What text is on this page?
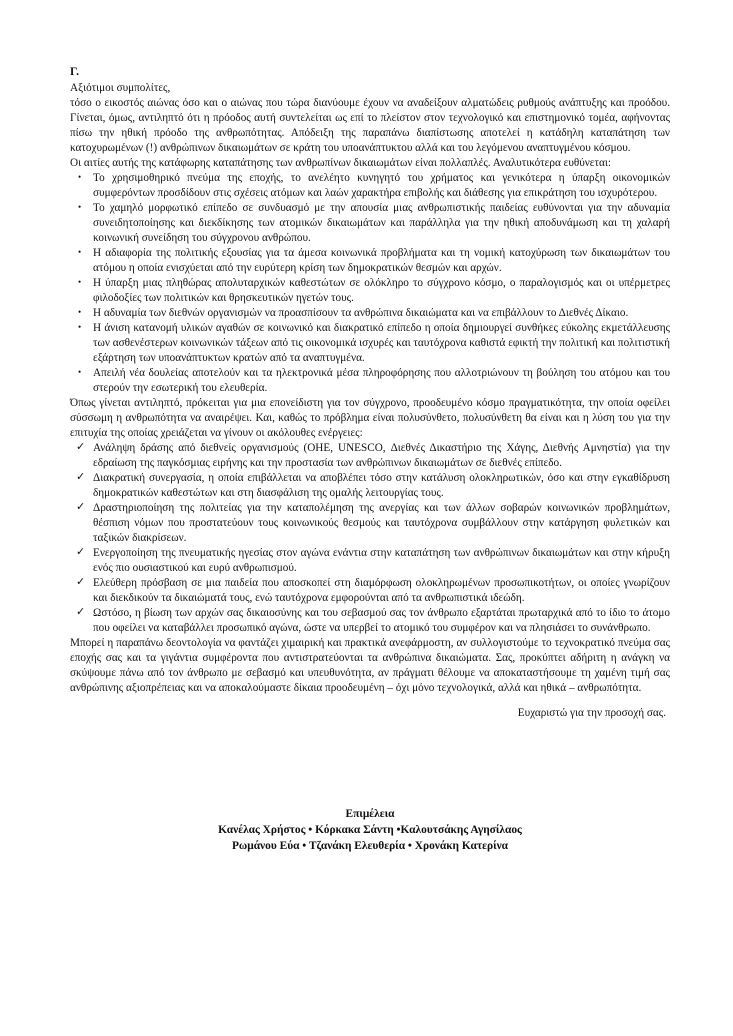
Γ.
Αξιότιμοι συμπολίτες,

τόσο ο εικοστός αιώνας όσο και ο αιώνας που τώρα διανύουμε έχουν να αναδείξουν αλματώδεις ρυθμούς ανάπτυξης και προόδου. Γίνεται, όμως, αντιληπτό ότι η πρόοδος αυτή συντελείται ως επί το πλείστον στον τεχνολογικό και επιστημονικό τομέα, αφήνοντας πίσω την ηθική πρόοδο της ανθρωπότητας. Απόδειξη της παραπάνω διαπίστωσης αποτελεί η κατάδηλη καταπάτηση των κατοχυρωμένων (!) ανθρώπινων δικαιωμάτων σε κράτη του υποανάπτυκτου αλλά και του λεγόμενου αναπτυγμένου κόσμου.

Οι αιτίες αυτής της κατάφωρης καταπάτησης των ανθρωπίνων δικαιωμάτων είναι πολλαπλές. Αναλυτικότερα ευθύνεται:

•	Το χρησιμοθηρικό πνεύμα της εποχής, το ανελέητο κυνηγητό του χρήματος και γενικότερα η ύπαρξη οικονομικών συμφερόντων προσδίδουν στις σχέσεις ατόμων και λαών χαρακτήρα επιβολής και διάθεσης για επικράτηση του ισχυρότερου.
•	Το χαμηλό μορφωτικό επίπεδο σε συνδυασμό με την απουσία μιας ανθρωπιστικής παιδείας ευθύνονται για την αδυναμία συνειδητοποίησης και διεκδίκησης των ατομικών δικαιωμάτων και παράλληλα για την ηθική αποδυνάμωση και τη χαλαρή κοινωνική συνείδηση του σύγχρονου ανθρώπου.
•	Η αδιαφορία της πολιτικής εξουσίας για τα άμεσα κοινωνικά προβλήματα και τη νομική κατοχύρωση των δικαιωμάτων του ατόμου η οποία ενισχύεται από την ευρύτερη κρίση των δημοκρατικών θεσμών και αρχών.
•	Η ύπαρξη μιας πληθώρας απολυταρχικών καθεστώτων σε ολόκληρο το σύγχρονο κόσμο, ο παραλογισμός και οι υπέρμετρες φιλοδοξίες των πολιτικών και θρησκευτικών ηγετών τους.
•	Η αδυναμία των διεθνών οργανισμών να προασπίσουν τα ανθρώπινα δικαιώματα και να επιβάλλουν το Διεθνές Δίκαιο.
•	Η άνιση κατανομή υλικών αγαθών σε κοινωνικό και διακρατικό επίπεδο η οποία δημιουργεί συνθήκες εύκολης εκμετάλλευσης των ασθενέστερων κοινωνικών τάξεων από τις οικονομικά ισχυρές και ταυτόχρονα καθιστά εφικτή την πολιτική και πολιτιστική εξάρτηση των υποανάπτυκτων κρατών από τα αναπτυγμένα.
•	Απειλή νέα δουλείας αποτελούν και τα ηλεκτρονικά μέσα πληροφόρησης που αλλοτριώνουν τη βούληση του ατόμου και του στερούν την εσωτερική του ελευθερία.

Όπως γίνεται αντιληπτό, πρόκειται για μια επονείδιστη για τον σύγχρονο, προοδευμένο κόσμο πραγματικότητα, την οποία οφείλει σύσσωμη η ανθρωπότητα να αναιρέψει. Και, καθώς το πρόβλημα είναι πολυσύνθετο, πολυσύνθετη θα είναι και η λύση του για την επιτυχία της οποίας χρειάζεται να γίνουν οι ακόλουθες ενέργειες:

✓ Ανάληψη δράσης από διεθνείς οργανισμούς (ΟΗΕ, UNESCO, Διεθνές Δικαστήριο της Χάγης, Διεθνής Αμνηστία) για την εδραίωση της παγκόσμιας ειρήνης και την προστασία των ανθρώπινων δικαιωμάτων σε διεθνές επίπεδο.
✓ Διακρατική συνεργασία, η οποία επιβάλλεται να αποβλέπει τόσο στην κατάλυση ολοκληρωτικών, όσο και στην εγκαθίδρυση δημοκρατικών καθεστώτων και στη διασφάλιση της ομαλής λειτουργίας τους.
✓ Δραστηριοποίηση της πολιτείας για την καταπολέμηση της ανεργίας και των άλλων σοβαρών κοινωνικών προβλημάτων, θέσπιση νόμων που προστατεύουν τους κοινωνικούς θεσμούς και ταυτόχρονα συμβάλλουν στην κατάργηση φυλετικών και ταξικών διακρίσεων.
✓ Ενεργοποίηση της πνευματικής ηγεσίας στον αγώνα ενάντια στην καταπάτηση των ανθρώπινων δικαιωμάτων και στην κήρυξη ενός πιο ουσιαστικού και ευρύ ανθρωπισμού.
✓ Ελεύθερη πρόσβαση σε μια παιδεία που αποσκοπεί στη διαμόρφωση ολοκληρωμένων προσωπικοτήτων, οι οποίες γνωρίζουν και διεκδικούν τα δικαιώματά τους, ενώ ταυτόχρονα εμφορούνται από τα ανθρωπιστικά ιδεώδη.
✓ Ωστόσο, η βίωση των αρχών σας δικαιοσύνης και του σεβασμού σας τον άνθρωπο εξαρτάται πρωταρχικά από το ίδιο το άτομο που οφείλει να καταβάλλει προσωπικό αγώνα, ώστε να υπερβεί το ατομικό του συμφέρον και να πλησιάσει το συνάνθρωπο.

Μπορεί η παραπάνω δεοντολογία να φαντάζει χιμαιρική και πρακτικά ανεφάρμοστη, αν συλλογιστούμε το τεχνοκρατικό πνεύμα σας εποχής σας και τα γιγάντια συμφέροντα που αντιστρατεύονται τα ανθρώπινα δικαιώματα. Σας, προκύπτει αδήριτη η ανάγκη να σκύψουμε πάνω από τον άνθρωπο με σεβασμό και υπευθυνότητα, αν πράγματι θέλουμε να αποκαταστήσουμε τη χαμένη τιμή σας ανθρώπινης αξιοπρέπειας και να αποκαλούμαστε δίκαια προοδευμένη – όχι μόνο τεχνολογικά, αλλά και ηθικά – ανθρωπότητα.

Ευχαριστώ για την προσοχή σας.

Επιμέλεια
Κανέλας Χρήστος • Κόρκακα Σάντη •Καλουτσάκης Αγησίλαος
Ρωμάνου Εύα • Τζανάκη Ελευθερία • Χρονάκη Κατερίνα
